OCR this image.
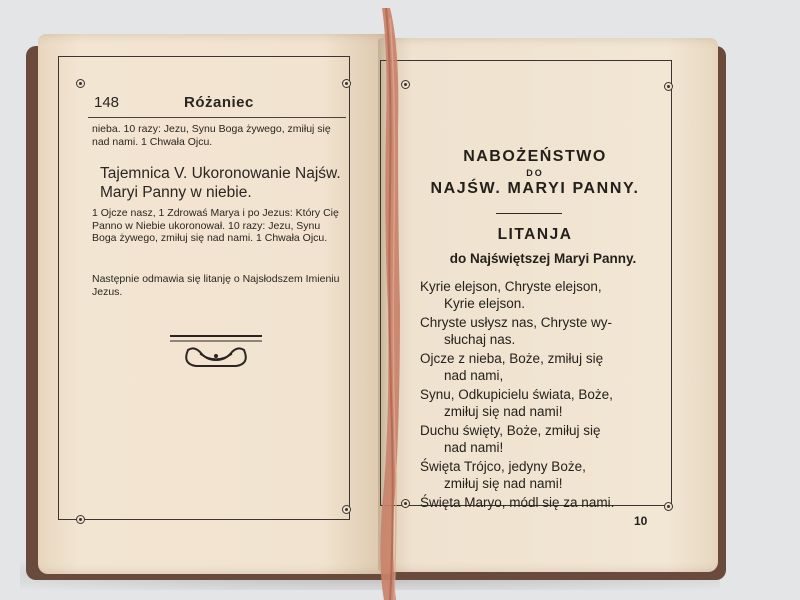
148	Różaniec
nieba. 10 razy: Jezu, Synu Boga żywego, zmiłuj się nad nami. 1 Chwała Ojcu.
Tajemnica V. Ukoronowanie Najśw. Maryi Panny w niebie.
1 Ojcze nasz, 1 Zdrowaś Marya i po Jezus: Który Cię Panno w Niebie ukoronował. 10 razy: Jezu, Synu Boga żywego, zmiłuj się nad nami. 1 Chwała Ojcu.
Następnie odmawia się litanję o Najsłodszem Imieniu Jezus.
NABOŻEŃSTWO
DO
NAJŚW. MARYI PANNY.
LITANJA
do Najświętszej Maryi Panny.
Kyrie elejson, Chryste elejson,
Kyrie elejson.
Chryste usłysz nas, Chryste wy-
słuchaj nas.
Ojcze z nieba, Boże, zmiłuj się
nad nami,
Synu, Odkupicielu świata, Boże,
zmiłuj się nad nami!
Duchu święty, Boże, zmiłuj się
nad nami!
Święta Trójco, jedyny Boże,
zmiłuj się nad nami!
Święta Maryo, módl się za nami.
10
